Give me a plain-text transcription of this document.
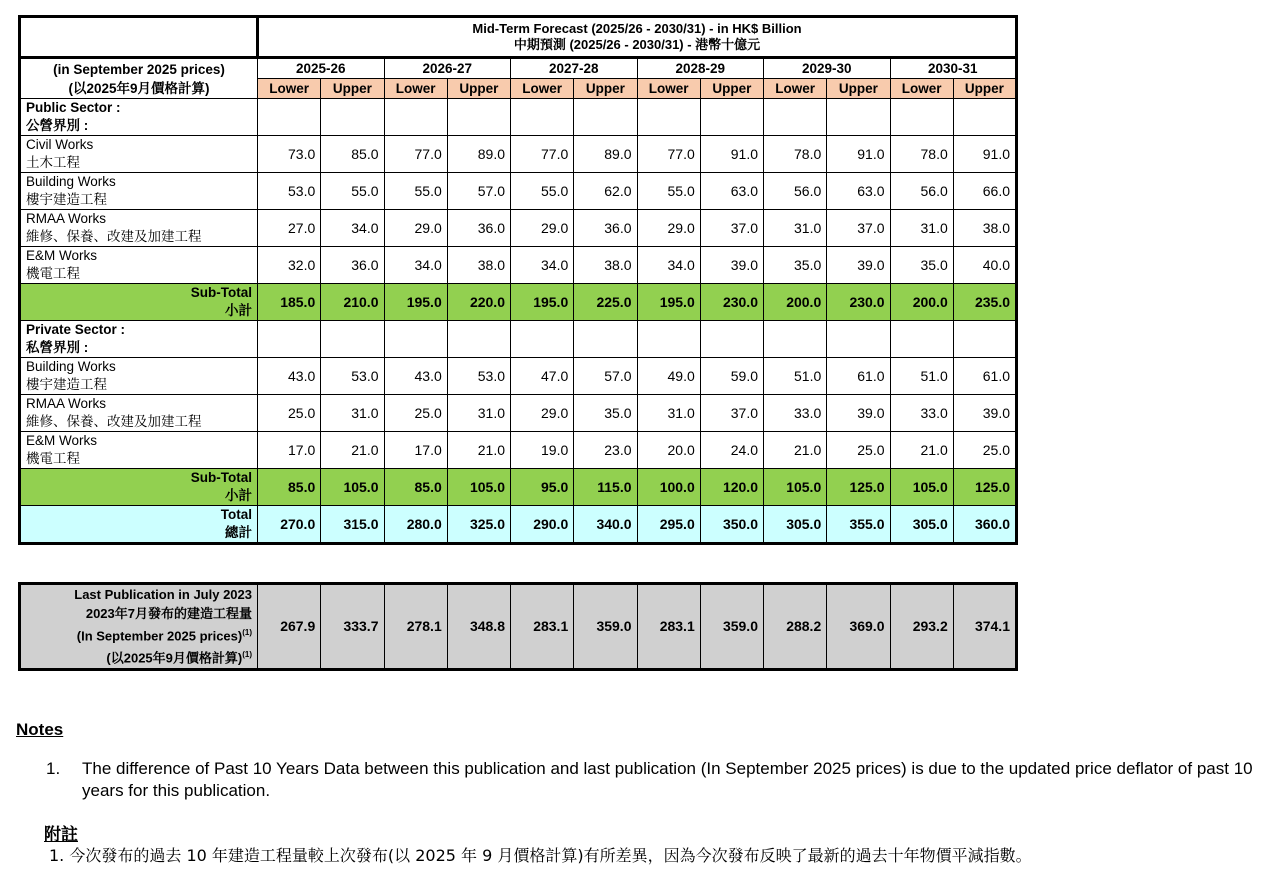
	Mid-Term Forecast (2025/26 - 2030/31) - in HK$ Billion
中期預測 (2025/26 - 2030/31) - 港幣十億元											

(in September 2025 prices)
(以2025年9月價格計算)	2025-26		2026-27		2027-28		2028-29		2029-30		2030-31	
	Lower	Upper	Lower	Upper	Lower	Upper	Lower	Upper	Lower	Upper	Lower	Upper

Public Sector :
公營界別 :												

Civil Works
土木工程	73.0	85.0	77.0	89.0	77.0	89.0	77.0	91.0	78.0	91.0	78.0	91.0

Building Works
樓宇建造工程	53.0	55.0	55.0	57.0	55.0	62.0	55.0	63.0	56.0	63.0	56.0	66.0

RMAA Works
維修、保養、改建及加建工程	27.0	34.0	29.0	36.0	29.0	36.0	29.0	37.0	31.0	37.0	31.0	38.0

E&M Works
機電工程	32.0	36.0	34.0	38.0	34.0	38.0	34.0	39.0	35.0	39.0	35.0	40.0

Sub-Total
小計	185.0	210.0	195.0	220.0	195.0	225.0	195.0	230.0	200.0	230.0	200.0	235.0

Private Sector :
私營界別 :												

Building Works
樓宇建造工程	43.0	53.0	43.0	53.0	47.0	57.0	49.0	59.0	51.0	61.0	51.0	61.0

RMAA Works
維修、保養、改建及加建工程	25.0	31.0	25.0	31.0	29.0	35.0	31.0	37.0	33.0	39.0	33.0	39.0

E&M Works
機電工程	17.0	21.0	17.0	21.0	19.0	23.0	20.0	24.0	21.0	25.0	21.0	25.0

Sub-Total
小計	85.0	105.0	85.0	105.0	95.0	115.0	100.0	120.0	105.0	125.0	105.0	125.0

Total
總計	270.0	315.0	280.0	325.0	290.0	340.0	295.0	350.0	305.0	355.0	305.0	360.0
Last Publication in July 2023
2023年7月發布的建造工程量
(In September 2025 prices)$^{(1)}$
(以2025年9月價格計算)$^{(1)}$
	267.9	333.7	278.1	348.8	283.1	359.0	283.1	359.0	288.2	369.0	293.2	374.1
Notes
1. The difference of Past 10 Years Data between this publication and last publication (In September 2025 prices) is due to the updated price deflator of past 10 years for this publication.
附註
1. 今次發布的過去 10 年建造工程量較上次發布(以 2025 年 9 月價格計算)有所差異，因為今次發布反映了最新的過去十年物價平減指數。
